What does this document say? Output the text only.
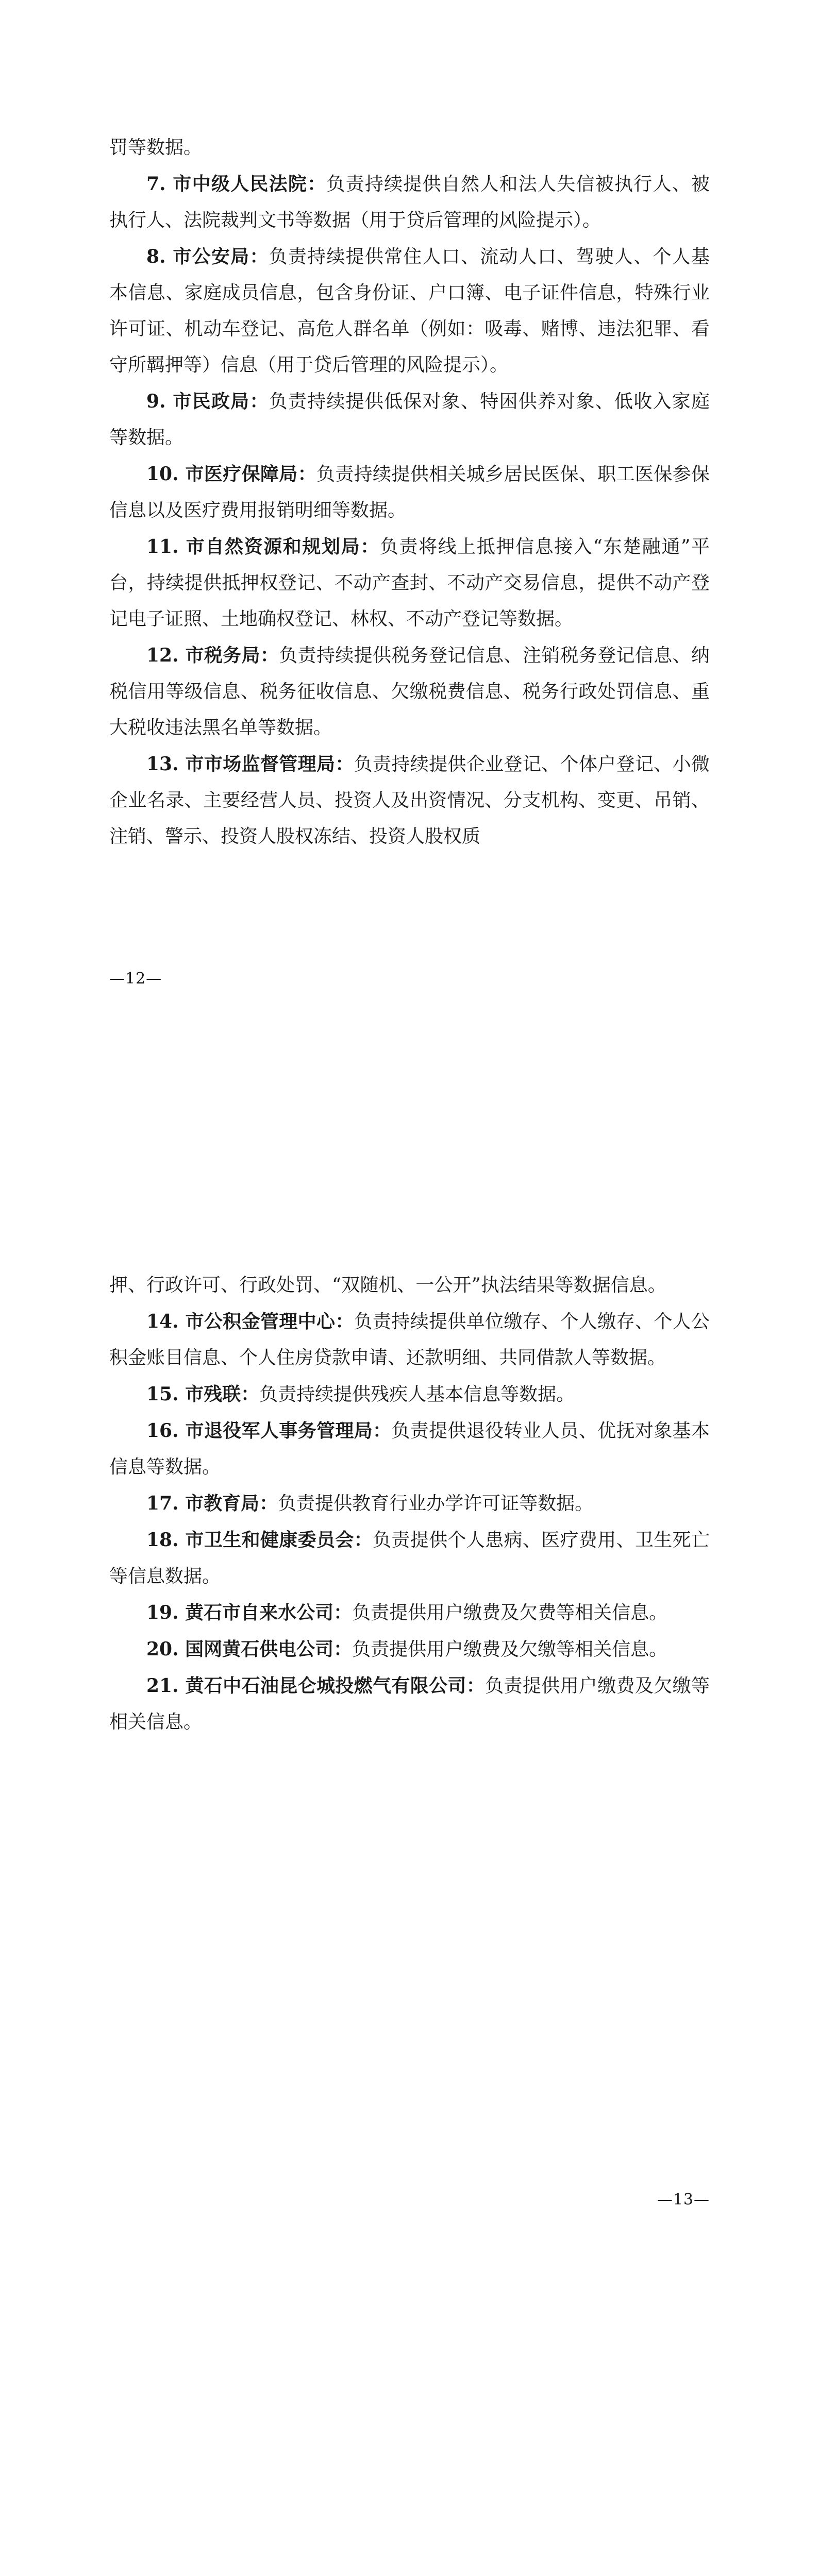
罚等数据。

7. 市中级人民法院：负责持续提供自然人和法人失信被执行人、被执行人、法院裁判文书等数据（用于贷后管理的风险提示）。

8. 市公安局：负责持续提供常住人口、流动人口、驾驶人、个人基本信息、家庭成员信息，包含身份证、户口簿、电子证件信息，特殊行业许可证、机动车登记、高危人群名单（例如：吸毒、赌博、违法犯罪、看守所羁押等）信息（用于贷后管理的风险提示）。

9. 市民政局：负责持续提供低保对象、特困供养对象、低收入家庭等数据。

10. 市医疗保障局：负责持续提供相关城乡居民医保、职工医保参保信息以及医疗费用报销明细等数据。

11. 市自然资源和规划局：负责将线上抵押信息接入“东楚融通”平台，持续提供抵押权登记、不动产查封、不动产交易信息，提供不动产登记电子证照、土地确权登记、林权、不动产登记等数据。

12. 市税务局：负责持续提供税务登记信息、注销税务登记信息、纳税信用等级信息、税务征收信息、欠缴税费信息、税务行政处罚信息、重大税收违法黑名单等数据。

13. 市市场监督管理局：负责持续提供企业登记、个体户登记、小微企业名录、主要经营人员、投资人及出资情况、分支机构、变更、吊销、注销、警示、投资人股权冻结、投资人股权质

—12—

押、行政许可、行政处罚、“双随机、一公开”执法结果等数据信息。

14. 市公积金管理中心：负责持续提供单位缴存、个人缴存、个人公积金账目信息、个人住房贷款申请、还款明细、共同借款人等数据。

15. 市残联：负责持续提供残疾人基本信息等数据。

16. 市退役军人事务管理局：负责提供退役转业人员、优抚对象基本信息等数据。

17. 市教育局：负责提供教育行业办学许可证等数据。

18. 市卫生和健康委员会：负责提供个人患病、医疗费用、卫生死亡等信息数据。

19. 黄石市自来水公司：负责提供用户缴费及欠费等相关信息。

20. 国网黄石供电公司：负责提供用户缴费及欠缴等相关信息。

21. 黄石中石油昆仑城投燃气有限公司：负责提供用户缴费及欠缴等相关信息。

—13—
